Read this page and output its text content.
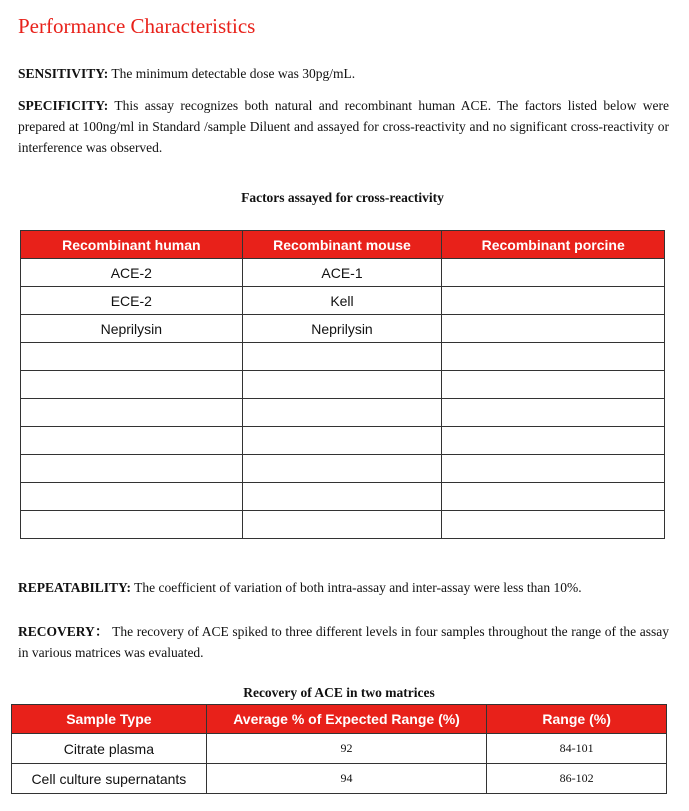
Performance Characteristics
SENSITIVITY: The minimum detectable dose was 30pg/mL.
SPECIFICITY: This assay recognizes both natural and recombinant human ACE. The factors listed below were prepared at 100ng/ml in Standard /sample Diluent and assayed for cross-reactivity and no significant cross-reactivity or interference was observed.
Factors assayed for cross-reactivity
Recombinant human	Recombinant mouse	Recombinant porcine
ACE-2	ACE-1	
ECE-2	Kell	
Neprilysin	Neprilysin	

REPEATABILITY: The coefficient of variation of both intra-assay and inter-assay were less than 10%.
RECOVERY： The recovery of ACE spiked to three different levels in four samples throughout the range of the assay in various matrices was evaluated.
Recovery of ACE in two matrices
Sample Type	Average % of Expected Range (%)	Range (%)
Citrate plasma	92	84-101
Cell culture supernatants	94	86-102
